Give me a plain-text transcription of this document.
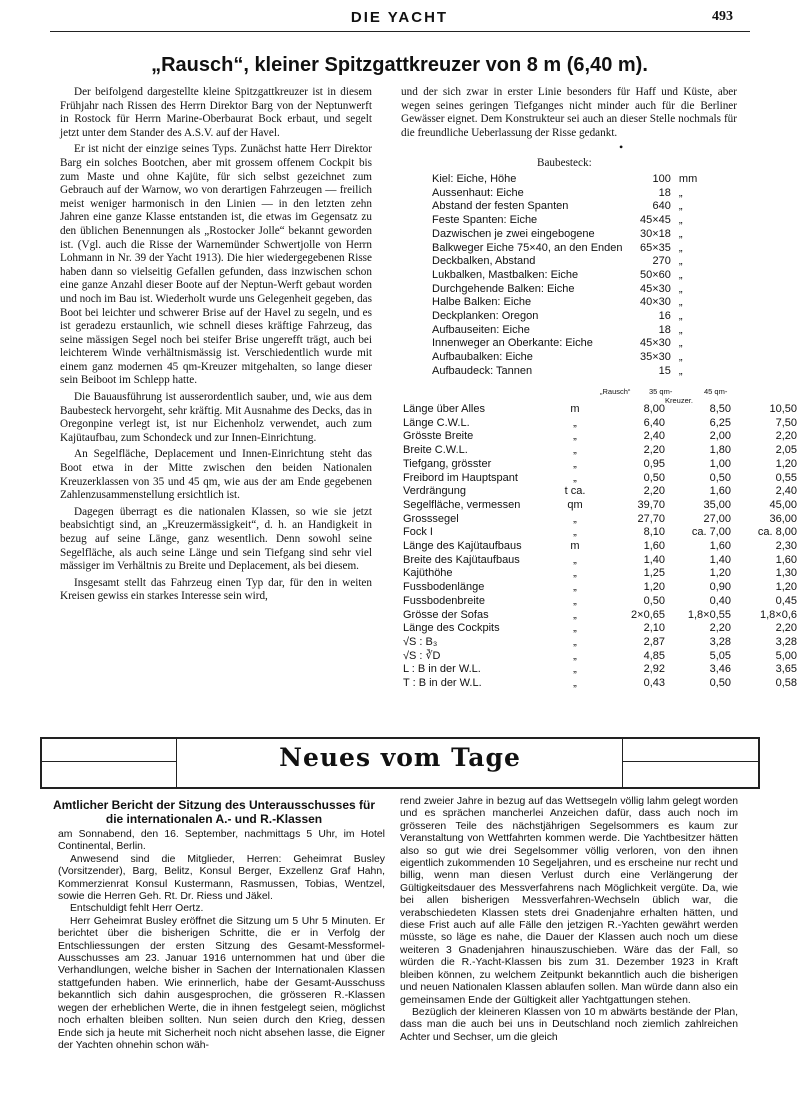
DIE YACHT	493
„Rausch“, kleiner Spitzgattkreuzer von 8 m (6,40 m).

Der beifolgend dargestellte kleine Spitzgattkreuzer ist in diesem Frühjahr nach Rissen des Herrn Direktor Barg von der Neptunwerft in Rostock für Herrn Marine-Oberbaurat Bock erbaut, und segelt jetzt unter dem Stander des A.S.V. auf der Havel.

Er ist nicht der einzige seines Typs. Zunächst hatte Herr Direktor Barg ein solches Bootchen, aber mit grossem offenem Cockpit bis zum Maste und ohne Kajüte, für sich selbst gezeichnet zum Gebrauch auf der Warnow, wo von derartigen Fahrzeugen — freilich meist weniger harmonisch in den Linien — in den letzten zehn Jahren eine ganze Klasse entstanden ist, die etwas im Gegensatz zu den üblichen Benennungen als „Rostocker Jolle“ bekannt geworden ist. (Vgl. auch die Risse der Warnemünder Schwertjolle von Herrn Lohmann in Nr. 39 der Yacht 1913). Die hier wiedergegebenen Risse haben dann so vielseitig Gefallen gefunden, dass inzwischen schon eine ganze Anzahl dieser Boote auf der Neptun-Werft gebaut worden und noch im Bau ist. Wiederholt wurde uns Gelegenheit gegeben, das Boot bei leichter und schwerer Brise auf der Havel zu segeln, und es ist geradezu erstaunlich, wie schnell dieses kräftige Fahrzeug, das seine mässigen Segel noch bei steifer Brise ungerefft trägt, auch bei leichterem Winde verhältnismässig ist. Verschiedentlich wurde mit einem ganz modernen 45 qm-Kreuzer mitgehalten, so lange dieser sein Beiboot im Schlepp hatte.

Die Bauausführung ist ausserordentlich sauber, und, wie aus dem Baubesteck hervorgeht, sehr kräftig. Mit Ausnahme des Decks, das in Oregonpine verlegt ist, ist nur Eichenholz verwendet, auch zum Kajütaufbau, zum Schondeck und zur Innen-Einrichtung.

An Segelfläche, Deplacement und Innen-Einrichtung steht das Boot etwa in der Mitte zwischen den beiden Nationalen Kreuzerklassen von 35 und 45 qm, wie aus der am Ende gegebenen Zahlenzusammenstellung ersichtlich ist.

Dagegen überragt es die nationalen Klassen, so wie sie jetzt beabsichtigt sind, an „Kreuzermässigkeit“, d. h. an Handigkeit in bezug auf seine Länge, ganz wesentlich. Denn sowohl seine Segelfläche, als auch seine Länge und sein Tiefgang sind sehr viel mässiger im Verhältnis zu Breite und Deplacement, als bei diesem.

Insgesamt stellt das Fahrzeug einen Typ dar, für den in weiten Kreisen gewiss ein starkes Interesse sein wird,

und der sich zwar in erster Linie besonders für Haff und Küste, aber wegen seines geringen Tiefganges nicht minder auch für die Berliner Gewässer eignet. Dem Konstrukteur sei auch an dieser Stelle nochmals für die freundliche Ueberlassung der Risse gedankt.

•
Baubesteck:
Kiel: Eiche, Höhe	100	mm
Aussenhaut: Eiche	18	„
Abstand der festen Spanten	640	„
Feste Spanten: Eiche	45×45	„
Dazwischen je zwei eingebogene	30×18	„
Balkweger Eiche 75×40, an den Enden	65×35	„
Deckbalken, Abstand	270	„
Lukbalken, Mastbalken: Eiche	50×60	„
Durchgehende Balken: Eiche	45×30	„
Halbe Balken: Eiche	40×30	„
Deckplanken: Oregon	16	„
Aufbauseiten: Eiche	18	„
Innenweger an Oberkante: Eiche	45×30	„
Aufbaubalken: Eiche	35×30	„
Aufbaudeck: Tannen	15	„
„Rausch“ 35 qm-	45 qm-
Kreuzer.
Länge über Alles	m	8,00	8,50	10,50
Länge C.W.L.	„	6,40	6,25	7,50
Grösste Breite	„	2,40	2,00	2,20
Breite C.W.L.	„	2,20	1,80	2,05
Tiefgang, grösster	„	0,95	1,00	1,20
Freibord im Hauptspant	„	0,50	0,50	0,55
Verdrängung	t ca.	2,20	1,60	2,40
Segelfläche, vermessen	qm	39,70	35,00	45,00
Grosssegel	„	27,70	27,00	36,00
Fock I	„	8,10	ca. 7,00	ca. 8,00
Länge des Kajütaufbaus	m	1,60	1,60	2,30
Breite des Kajütaufbaus	„	1,40	1,40	1,60
Kajüthöhe	„	1,25	1,20	1,30
Fussbodenlänge	„	1,20	0,90	1,20
Fussbodenbreite	„	0,50	0,40	0,45
Grösse der Sofas	„	2×0,65	1,8×0,55	1,8×0,6
Länge des Cockpits	„	2,10	2,20	2,20
√S : B₃	„	2,87	3,28	3,28
√S : ∛D	„	4,85	5,05	5,00
L : B in der W.L.	„	2,92	3,46	3,65
T : B in der W.L.	„	0,43	0,50	0,58
Neues vom Tage
Amtlicher Bericht der Sitzung des Unterausschusses für die internationalen A.- und R.-Klassen

am Sonnabend, den 16. September, nachmittags 5 Uhr, im Hotel Continental, Berlin.

Anwesend sind die Mitglieder, Herren: Geheimrat Busley (Vorsitzender), Barg, Belitz, Konsul Berger, Exzellenz Graf Hahn, Kommerzienrat Konsul Kustermann, Rasmussen, Tobias, Wentzel, sowie die Herren Geh. Rt. Dr. Riess und Jäkel.

Entschuldigt fehlt Herr Oertz.

Herr Geheimrat Busley eröffnet die Sitzung um 5 Uhr 5 Minuten. Er berichtet über die bisherigen Schritte, die er in Verfolg der Entschliessungen der ersten Sitzung des Gesamt-Messformel-Ausschusses am 23. Januar 1916 unternommen hat und über die Verhandlungen, welche bisher in Sachen der Internationalen Klassen stattgefunden haben. Wie erinnerlich, habe der Gesamt-Ausschuss bekanntlich sich dahin ausgesprochen, die grösseren R.-Klassen wegen der erheblichen Werte, die in ihnen festgelegt seien, möglichst noch erhalten bleiben sollten. Nun seien durch den Krieg, dessen Ende sich ja heute mit Sicherheit noch nicht absehen lasse, die Eigner der Yachten ohnehin schon wäh-

rend zweier Jahre in bezug auf das Wettsegeln völlig lahm gelegt worden und es sprächen mancherlei Anzeichen dafür, dass auch noch im grösseren Teile des nächstjährigen Segelsommers es kaum zur Veranstaltung von Wettfahrten kommen werde. Die Yachtbesitzer hätten also so gut wie drei Segelsommer völlig verloren, von den ihnen eigentlich zukommenden 10 Segeljahren, und es erscheine nur recht und billig, wenn man diesen Verlust durch eine Verlängerung der Gültigkeitsdauer des Messverfahrens nach Möglichkeit vergüte. Da, wie bei allen bisherigen Messverfahren-Wechseln üblich war, die verabschiedeten Klassen stets drei Gnadenjahre erhalten hätten, und diese Frist auch auf alle Fälle den jetzigen R.-Yachten gewährt werden müsste, so läge es nahe, die Dauer der Klassen auch noch um diese weiteren 3 Gnadenjahren hinauszuschieben. Wäre das der Fall, so würden die R.-Yacht-Klassen bis zum 31. Dezember 1923 in Kraft bleiben können, zu welchem Zeitpunkt bekanntlich auch die bisherigen und neuen Nationalen Klassen ablaufen sollen. Man würde dann also ein gemeinsamen Ende der Gültigkeit aller Yachtgattungen stehen.

Bezüglich der kleineren Klassen von 10 m abwärts bestände der Plan, dass man die auch bei uns in Deutschland noch ziemlich zahlreichen Achter und Sechser, um die gleich
